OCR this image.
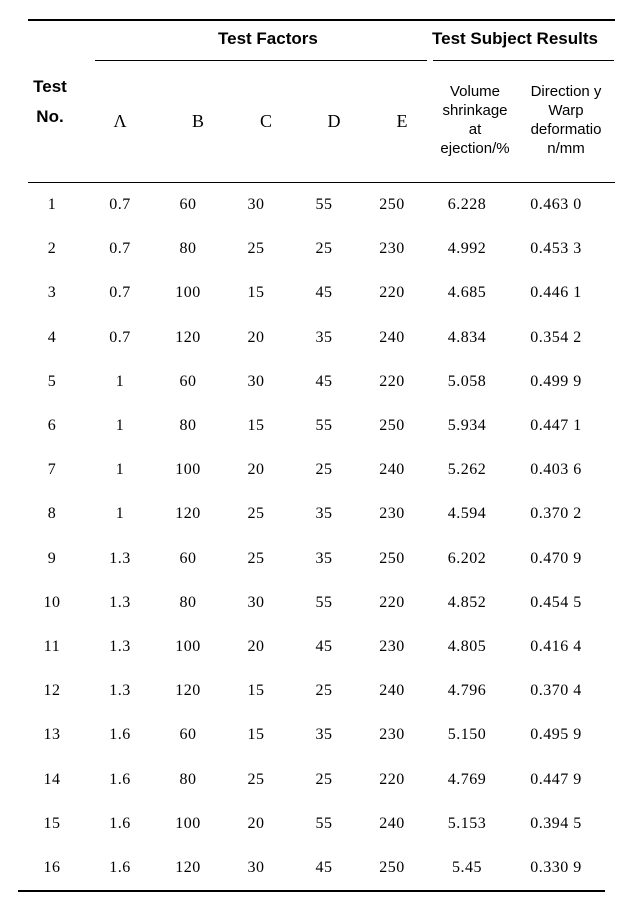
Test
No.
Test Factors	Test Subject Results
Λ	B	C	D	E
Volume
shrinkage
at
ejection/%
Direction y
Warp
deformatio
n/mm
1	0.7	60	30	55	250	6.228	0.463 0
2	0.7	80	25	25	230	4.992	0.453 3
3	0.7	100	15	45	220	4.685	0.446 1
4	0.7	120	20	35	240	4.834	0.354 2
5	1	60	30	45	220	5.058	0.499 9
6	1	80	15	55	250	5.934	0.447 1
7	1	100	20	25	240	5.262	0.403 6
8	1	120	25	35	230	4.594	0.370 2
9	1.3	60	25	35	250	6.202	0.470 9
10	1.3	80	30	55	220	4.852	0.454 5
11	1.3	100	20	45	230	4.805	0.416 4
12	1.3	120	15	25	240	4.796	0.370 4
13	1.6	60	15	35	230	5.150	0.495 9
14	1.6	80	25	25	220	4.769	0.447 9
15	1.6	100	20	55	240	5.153	0.394 5
16	1.6	120	30	45	250	5.45	0.330 9
